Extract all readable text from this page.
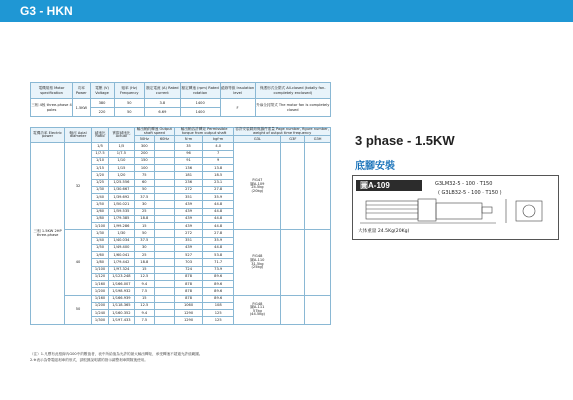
G3 - HKN
電機規格 Motor specification	功率 Power	電壓 (V) Voltage	頻率 (Hz) Frequency	額定電流 (A) Rated current	額定轉速 (rpm) Rated rotation	絕緣等級 Insulation level	保護形式全閉式 All-closed (totally fan-completely enclosed)
三相 4極 three-phase 4 poles	1.5KW	380	50	3.8	1400	F	外扇全封閉式 The motor fan is completely closed
		220	50	6.69	1400		
電機功率 Electric power	軸徑 Axial diameter	減速比 Ratio	實際減速比 Actual	輸出軸的轉速 Output shaft speed		輸出軸容許轉矩 Permissible torque from output shaft		容許安裝載荷與鑄件重量 Page number, figure number, weight of output time frequency		
				50Hz	60Hz	N·m	kgf·m	G3L	G3F	G3H
三相 1.5KW 2HP three-phase	32	1/5	1/5	300		35	4.0	P.G47
圖A-109
24.5kg
(20kg)		
		1/7.5	1/7.5	200		96	7			
		1/10	1/10	150		91	9			
		1/15	1/15	100		136	13.8			
		1/20	1/20	75		181	18.5			
		1/25	1/25.556	60		236	23.1			
		1/30	1/30.667	50		272	27.8			
		1/40	1/39.692	37.5		351	35.9			
		1/50	1/50.021	30		439	44.8			
		1/60	1/59.535	25		439	44.8			
		1/80	1/79.385	18.8		439	44.8			
		1/100	1/99.286	15		439	44.8			
	40	1/30	1/30	50		272	27.8	P.G48
圖A-110
31.5kg
(25kg)		
		1/40	1/40.034	37.5		351	35.9			
		1/50	1/49.400	30		439	44.8			
		1/60	1/60.041	25		527	53.8			
		1/80	1/79.442	18.8		703	71.7			
		1/100	1/97.324	15		724	73.9			
		1/120	1/123.248	12.5		878	89.6			
		1/160	1/166.007	9.4		878	89.6			
		1/200	1/198.932	7.5		878	89.6			
	50	1/160	1/166.939	15		878	89.6	P.G48
圖A-111
57kg
(44.5kg)		
		1/200	1/118.365	12.5		1060	108			
		1/240	1/160.352	9.4		1290	125			
		1/300	1/197.433	7.5		1290	125			
（注）1.凡標有此框線內G00中的數值者，表中所給值為允許的最大輸出轉矩，承受轉速不超過允許值範圍。
2.※表示為帶電磁剎車的形式，請根據說明書的指示調整剎車間隙後使用。
3 phase - 1.5KW
底腳安裝
圖A-109	G3LM32-5 - 100 · T150
( G3LB32-5 - 100 · T150 )
大体重量 24.5Kg(20Kg)
